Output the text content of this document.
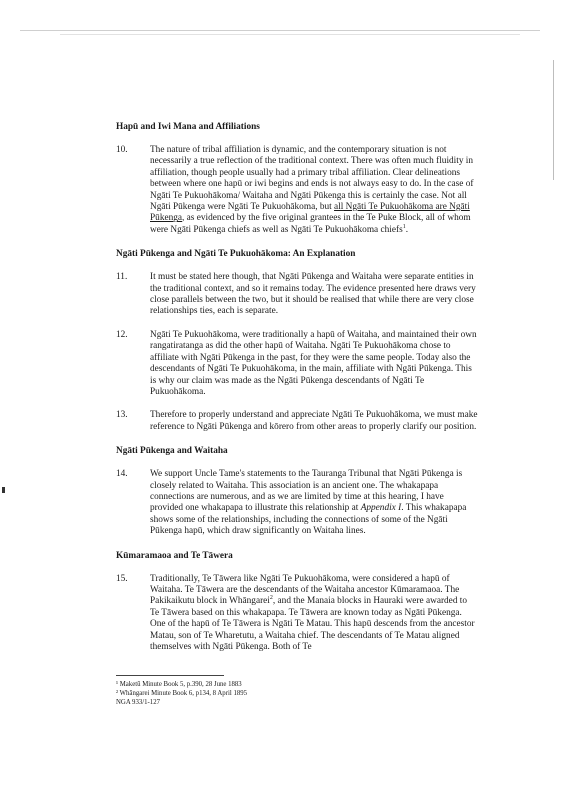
Hapū and Iwi Mana and Affiliations
10.	The nature of tribal affiliation is dynamic, and the contemporary situation is not necessarily a true reflection of the traditional context. There was often much fluidity in affiliation, though people usually had a primary tribal affiliation. Clear delineations between where one hapū or iwi begins and ends is not always easy to do. In the case of Ngāti Te Pukuohākoma/ Waitaha and Ngāti Pūkenga this is certainly the case. Not all Ngāti Pūkenga were Ngāti Te Pukuohākoma, but all Ngāti Te Pukuohākoma are Ngāti Pūkenga, as evidenced by the five original grantees in the Te Puke Block, all of whom were Ngāti Pūkenga chiefs as well as Ngāti Te Pukuohākoma chiefs$^1$.
Ngāti Pūkenga and Ngāti Te Pukuohākoma: An Explanation
11.	It must be stated here though, that Ngāti Pūkenga and Waitaha were separate entities in the traditional context, and so it remains today. The evidence presented here draws very close parallels between the two, but it should be realised that while there are very close relationships ties, each is separate.
12.	Ngāti Te Pukuohākoma, were traditionally a hapū of Waitaha, and maintained their own rangatiratanga as did the other hapū of Waitaha. Ngāti Te Pukuohākoma chose to affiliate with Ngāti Pūkenga in the past, for they were the same people. Today also the descendants of Ngāti Te Pukuohākoma, in the main, affiliate with Ngāti Pūkenga. This is why our claim was made as the Ngāti Pūkenga descendants of Ngāti Te Pukuohākoma.
13.	Therefore to properly understand and appreciate Ngāti Te Pukuohākoma, we must make reference to Ngāti Pūkenga and kōrero from other areas to properly clarify our position.
Ngāti Pūkenga and Waitaha
14.	We support Uncle Tame's statements to the Tauranga Tribunal that Ngāti Pūkenga is closely related to Waitaha. This association is an ancient one. The whakapapa connections are numerous, and as we are limited by time at this hearing, I have provided one whakapapa to illustrate this relationship at Appendix I. This whakapapa shows some of the relationships, including the connections of some of the Ngāti Pūkenga hapū, which draw significantly on Waitaha lines.
Kūmaramaoa and Te Tāwera
15.	Traditionally, Te Tāwera like Ngāti Te Pukuohākoma, were considered a hapū of Waitaha. Te Tāwera are the descendants of the Waitaha ancestor Kūmaramaoa. The Pakikaikutu block in Whāngarei$^2$, and the Manaia blocks in Hauraki were awarded to Te Tāwera based on this whakapapa. Te Tāwera are known today as Ngāti Pūkenga. One of the hapū of Te Tāwera is Ngāti Te Matau. This hapū descends from the ancestor Matau, son of Te Wharetutu, a Waitaha chief. The descendants of Te Matau aligned themselves with Ngāti Pūkenga. Both of Te
¹ Maketū Minute Book 5, p.390, 28 June 1883
² Whāngarei Minute Book 6, p134, 8 April 1895
NGA 933/1-127
